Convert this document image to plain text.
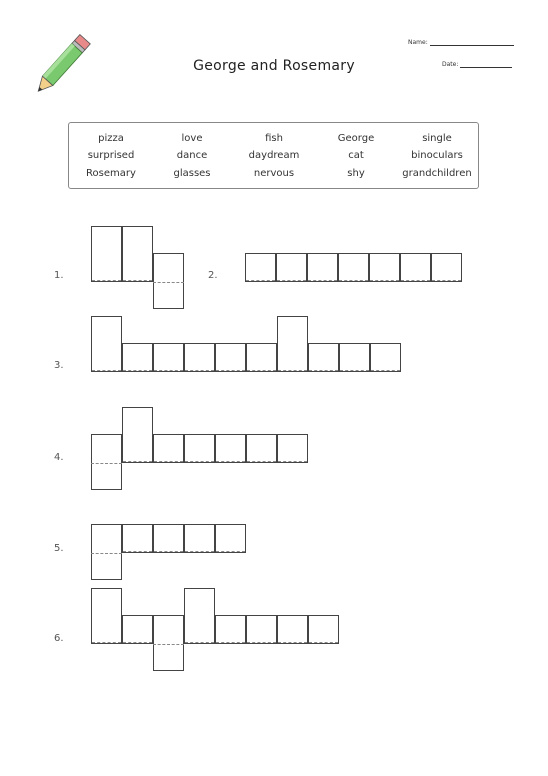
George and Rosemary
Name:
Date:
pizza	love	fish	George	single
surprised	dance	daydream	cat	binoculars
Rosemary	glasses	nervous	shy	grandchildren
1.	2.
3.
4.
5.
6.
